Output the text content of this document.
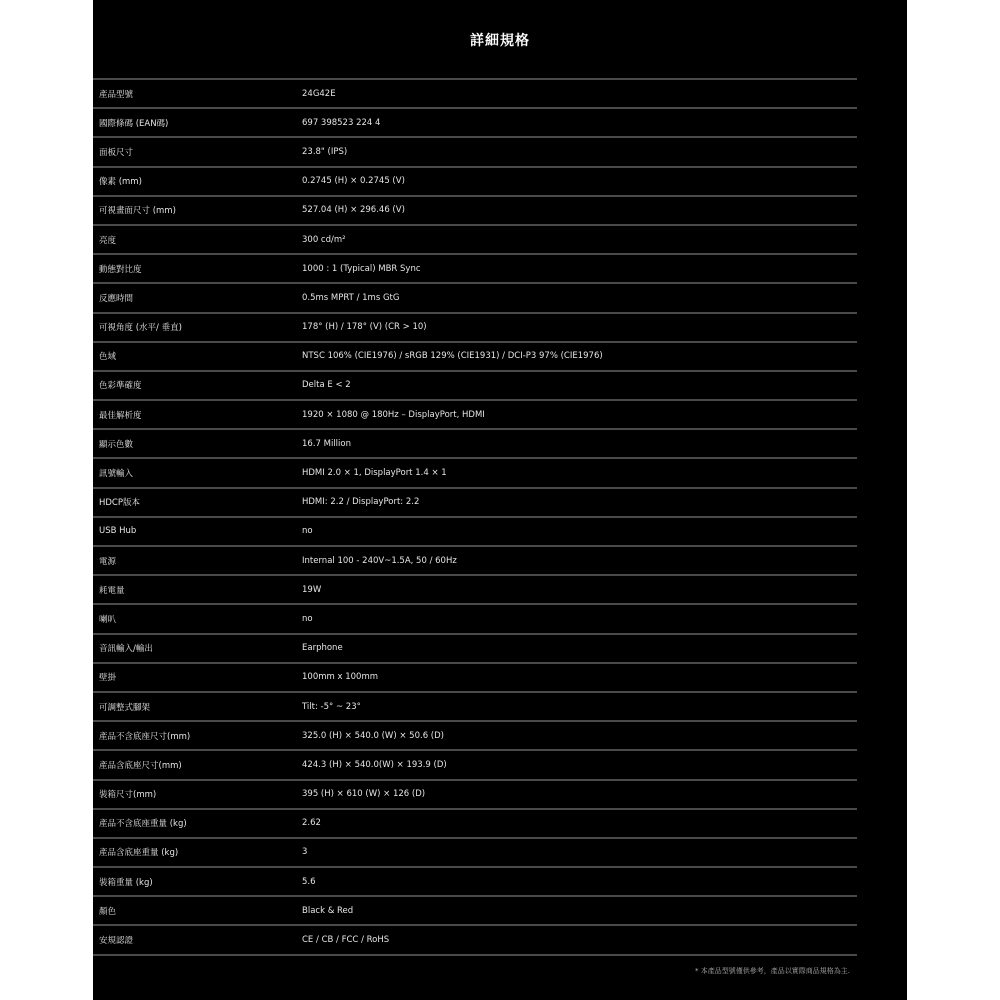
詳細規格
產品型號	24G42E
國際條碼 (EAN碼)	697 398523 224 4
面板尺寸	23.8" (IPS)
像素 (mm)	0.2745 (H) × 0.2745 (V)
可視畫面尺寸 (mm)	527.04 (H) × 296.46 (V)
亮度	300 cd/m²
動態對比度	1000 : 1 (Typical) MBR Sync
反應時間	0.5ms MPRT / 1ms GtG
可視角度 (水平/ 垂直)	178° (H) / 178° (V) (CR > 10)
色域	NTSC 106% (CIE1976) / sRGB 129% (CIE1931) / DCI-P3 97% (CIE1976)
色彩準確度	Delta E < 2
最佳解析度	1920 × 1080 @ 180Hz – DisplayPort, HDMI
顯示色數	16.7 Million
訊號輸入	HDMI 2.0 × 1, DisplayPort 1.4 × 1
HDCP版本	HDMI: 2.2 / DisplayPort: 2.2
USB Hub	no
電源	Internal 100 - 240V~1.5A, 50 / 60Hz
耗電量	19W
喇叭	no
音訊輸入/輸出	Earphone
壁掛	100mm x 100mm
可調整式腳架	Tilt: -5° ~ 23°
產品不含底座尺寸(mm)	325.0 (H) × 540.0 (W) × 50.6 (D)
產品含底座尺寸(mm)	424.3 (H) × 540.0(W) × 193.9 (D)
裝箱尺寸(mm)	395 (H) × 610 (W) × 126 (D)
產品不含底座重量 (kg)	2.62
產品含底座重量 (kg)	3
裝箱重量 (kg)	5.6
顏色	Black & Red
安規認證	CE / CB / FCC / RoHS
* 本產品型號僅供參考，產品以實際商品規格為主.
